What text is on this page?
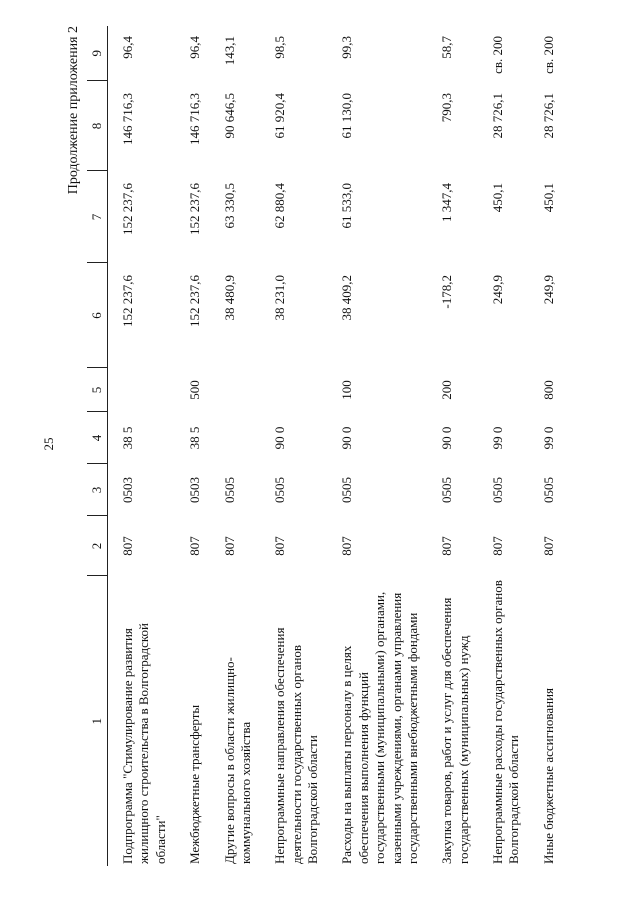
25
Продолжение приложения 2
1	2	3	4	5	6	7	8	9
Подпрограмма "Стимулирование развития жилищного строительства в Волгоградской области"	807	0503	38 5		152 237,6	152 237,6	146 716,3	96,4
Межбюджетные трансферты	807	0503	38 5	500	152 237,6	152 237,6	146 716,3	96,4
Другие вопросы в области жилищно-коммунального хозяйства	807	0505			38 480,9	63 330,5	90 646,5	143,1
Непрограммные направления обеспечения деятельности государственных органов Волгоградской области	807	0505	90 0		38 231,0	62 880,4	61 920,4	98,5
Расходы на выплаты персоналу в целях обеспечения выполнения функций государственными (муниципальными) органами, казенными учреждениями, органами управления государственными внебюджетными фондами	807	0505	90 0	100	38 409,2	61 533,0	61 130,0	99,3
Закупка товаров, работ и услуг для обеспечения государственных (муниципальных) нужд	807	0505	90 0	200	-178,2	1 347,4	790,3	58,7
Непрограммные расходы государственных органов Волгоградской области	807	0505	99 0		249,9	450,1	28 726,1	св. 200
Иные бюджетные ассигнования	807	0505	99 0	800	249,9	450,1	28 726,1	св. 200
